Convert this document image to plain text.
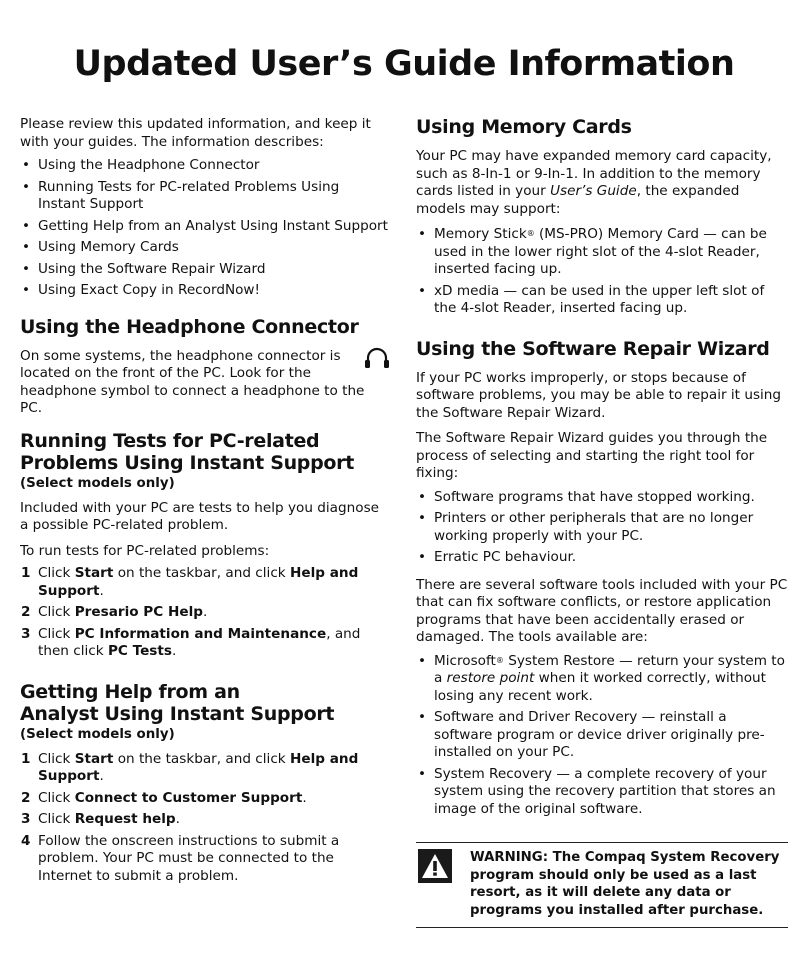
Updated User’s Guide Information

Please review this updated information, and keep it with your guides. The information describes:

• Using the Headphone Connector
• Running Tests for PC-related Problems Using Instant Support
• Getting Help from an Analyst Using Instant Support
• Using Memory Cards
• Using the Software Repair Wizard
• Using Exact Copy in RecordNow!
Using the Headphone Connector

On some systems, the headphone connector is located on the front of the PC. Look for the headphone symbol to connect a headphone to the PC.

Running Tests for PC-related
Problems Using Instant Support
(Select models only)

Included with your PC are tests to help you diagnose a possible PC-related problem.

To run tests for PC-related problems:

1 Click Start on the taskbar, and click Help and Support.
2 Click Presario PC Help.
3 Click PC Information and Maintenance, and then click PC Tests.
Getting Help from an
Analyst Using Instant Support
(Select models only)
1 Click Start on the taskbar, and click Help and Support.
2 Click Connect to Customer Support.
3 Click Request help.
4 Follow the onscreen instructions to submit a problem. Your PC must be connected to the Internet to submit a problem.
Using Memory Cards

Your PC may have expanded memory card capacity, such as 8-In-1 or 9-In-1. In addition to the memory cards listed in your User’s Guide, the expanded models may support:

• Memory Stick® (MS-PRO) Memory Card — can be used in the lower right slot of the 4-slot Reader, inserted facing up.
• xD media — can be used in the upper left slot of the 4-slot Reader, inserted facing up.
Using the Software Repair Wizard

If your PC works improperly, or stops because of software problems, you may be able to repair it using the Software Repair Wizard.

The Software Repair Wizard guides you through the process of selecting and starting the right tool for fixing:

• Software programs that have stopped working.
• Printers or other peripherals that are no longer working properly with your PC.
• Erratic PC behaviour.

There are several software tools included with your PC that can fix software conflicts, or restore application programs that have been accidentally erased or damaged. The tools available are:

• Microsoft® System Restore — return your system to a restore point when it worked correctly, without losing any recent work.
• Software and Driver Recovery — reinstall a software program or device driver originally pre-installed on your PC.
• System Recovery — a complete recovery of your system using the recovery partition that stores an image of the original software.

WARNING: The Compaq System Recovery program should only be used as a last resort, as it will delete any data or programs you installed after purchase.
